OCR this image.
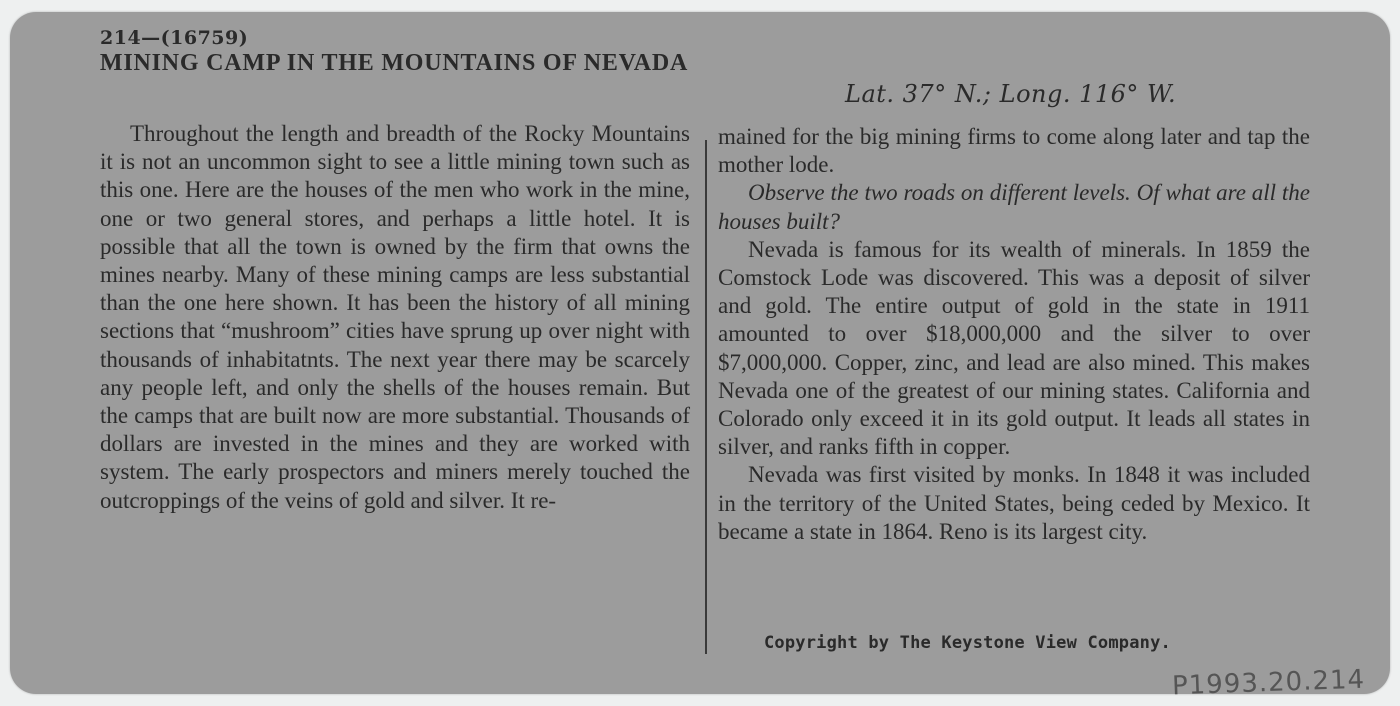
214—(16759)
MINING CAMP IN THE MOUNTAINS OF NEVADA
Lat. 37° N.; Long. 116° W.

Throughout the length and breadth of the Rocky Mountains it is not an uncommon sight to see a little mining town such as this one. Here are the houses of the men who work in the mine, one or two general stores, and perhaps a little hotel. It is possible that all the town is owned by the firm that owns the mines nearby. Many of these mining camps are less substantial than the one here shown. It has been the history of all mining sections that “mushroom” cities have sprung up over night with thousands of inhabitatnts. The next year there may be scarcely any people left, and only the shells of the houses remain. But the camps that are built now are more substantial. Thousands of dollars are invested in the mines and they are worked with system. The early prospectors and miners merely touched the outcroppings of the veins of gold and silver. It re-

mained for the big mining firms to come along later and tap the mother lode.

Observe the two roads on different levels. Of what are all the houses built?

Nevada is famous for its wealth of minerals. In 1859 the Comstock Lode was discovered. This was a deposit of silver and gold. The entire output of gold in the state in 1911 amounted to over $18,000,000 and the silver to over $7,000,000. Copper, zinc, and lead are also mined. This makes Nevada one of the greatest of our mining states. California and Colorado only exceed it in its gold output. It leads all states in silver, and ranks fifth in copper.

Nevada was first visited by monks. In 1848 it was included in the territory of the United States, being ceded by Mexico. It became a state in 1864. Reno is its largest city.

Copyright by The Keystone View Company.
P1993.20.214
